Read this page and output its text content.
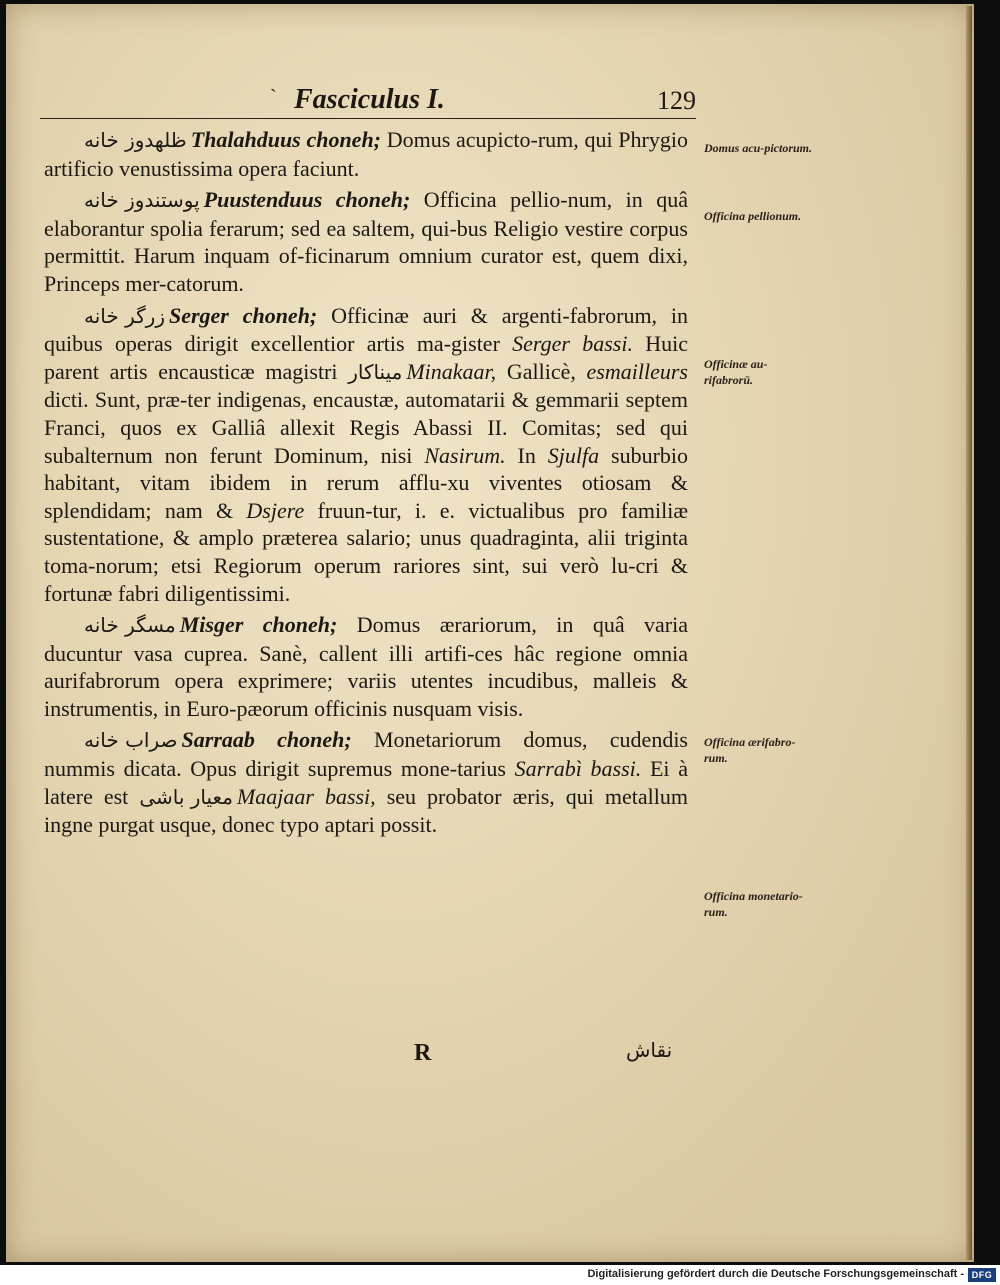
` Fasciculus I.	129

ظلهدوز خانه Thalahduus choneh; Domus acupicto-rum, qui Phrygio artificio venustissima opera faciunt.

پوستندوز خانه Puustenduus choneh; Officina pellio-num, in quâ elaborantur spolia ferarum; sed ea saltem, qui-bus Religio vestire corpus permittit. Harum inquam of-ficinarum omnium curator est, quem dixi, Princeps mer-catorum.

زرگر خانه Serger choneh; Officinæ auri & argenti-fabrorum, in quibus operas dirigit excellentior artis ma-gister Serger bassi. Huic parent artis encausticæ magistri میناکار Minakaar, Gallicè, esmailleurs dicti. Sunt, præ-ter indigenas, encaustæ, automatarii & gemmarii septem Franci, quos ex Galliâ allexit Regis Abassi II. Comitas; sed qui subalternum non ferunt Dominum, nisi Nasirum. In Sjulfa suburbio habitant, vitam ibidem in rerum afflu-xu viventes otiosam & splendidam; nam & Dsjere fruun-tur, i. e. victualibus pro familiæ sustentatione, & amplo præterea salario; unus quadraginta, alii triginta toma-norum; etsi Regiorum operum rariores sint, sui verò lu-cri & fortunæ fabri diligentissimi.

مسگر خانه Misger choneh; Domus ærariorum, in quâ varia ducuntur vasa cuprea. Sanè, callent illi artifi-ces hâc regione omnia aurifabrorum opera exprimere; variis utentes incudibus, malleis & instrumentis, in Euro-pæorum officinis nusquam visis.

صراب خانه Sarraab choneh; Monetariorum domus, cudendis nummis dicata. Opus dirigit supremus mone-tarius Sarrabì bassi. Ei à latere est معیار باشی Maajaar bassi, seu probator æris, qui metallum ingne purgat usque, donec typo aptari possit.

Domus acu-pictorum.
Officina pellionum.
Officinæ au-rifabrorū.
Officina ærifabro-rum.
Officina monetario-rum.
R	نقاش
Digitalisierung gefördert durch die Deutsche Forschungsgemeinschaft - DFG
